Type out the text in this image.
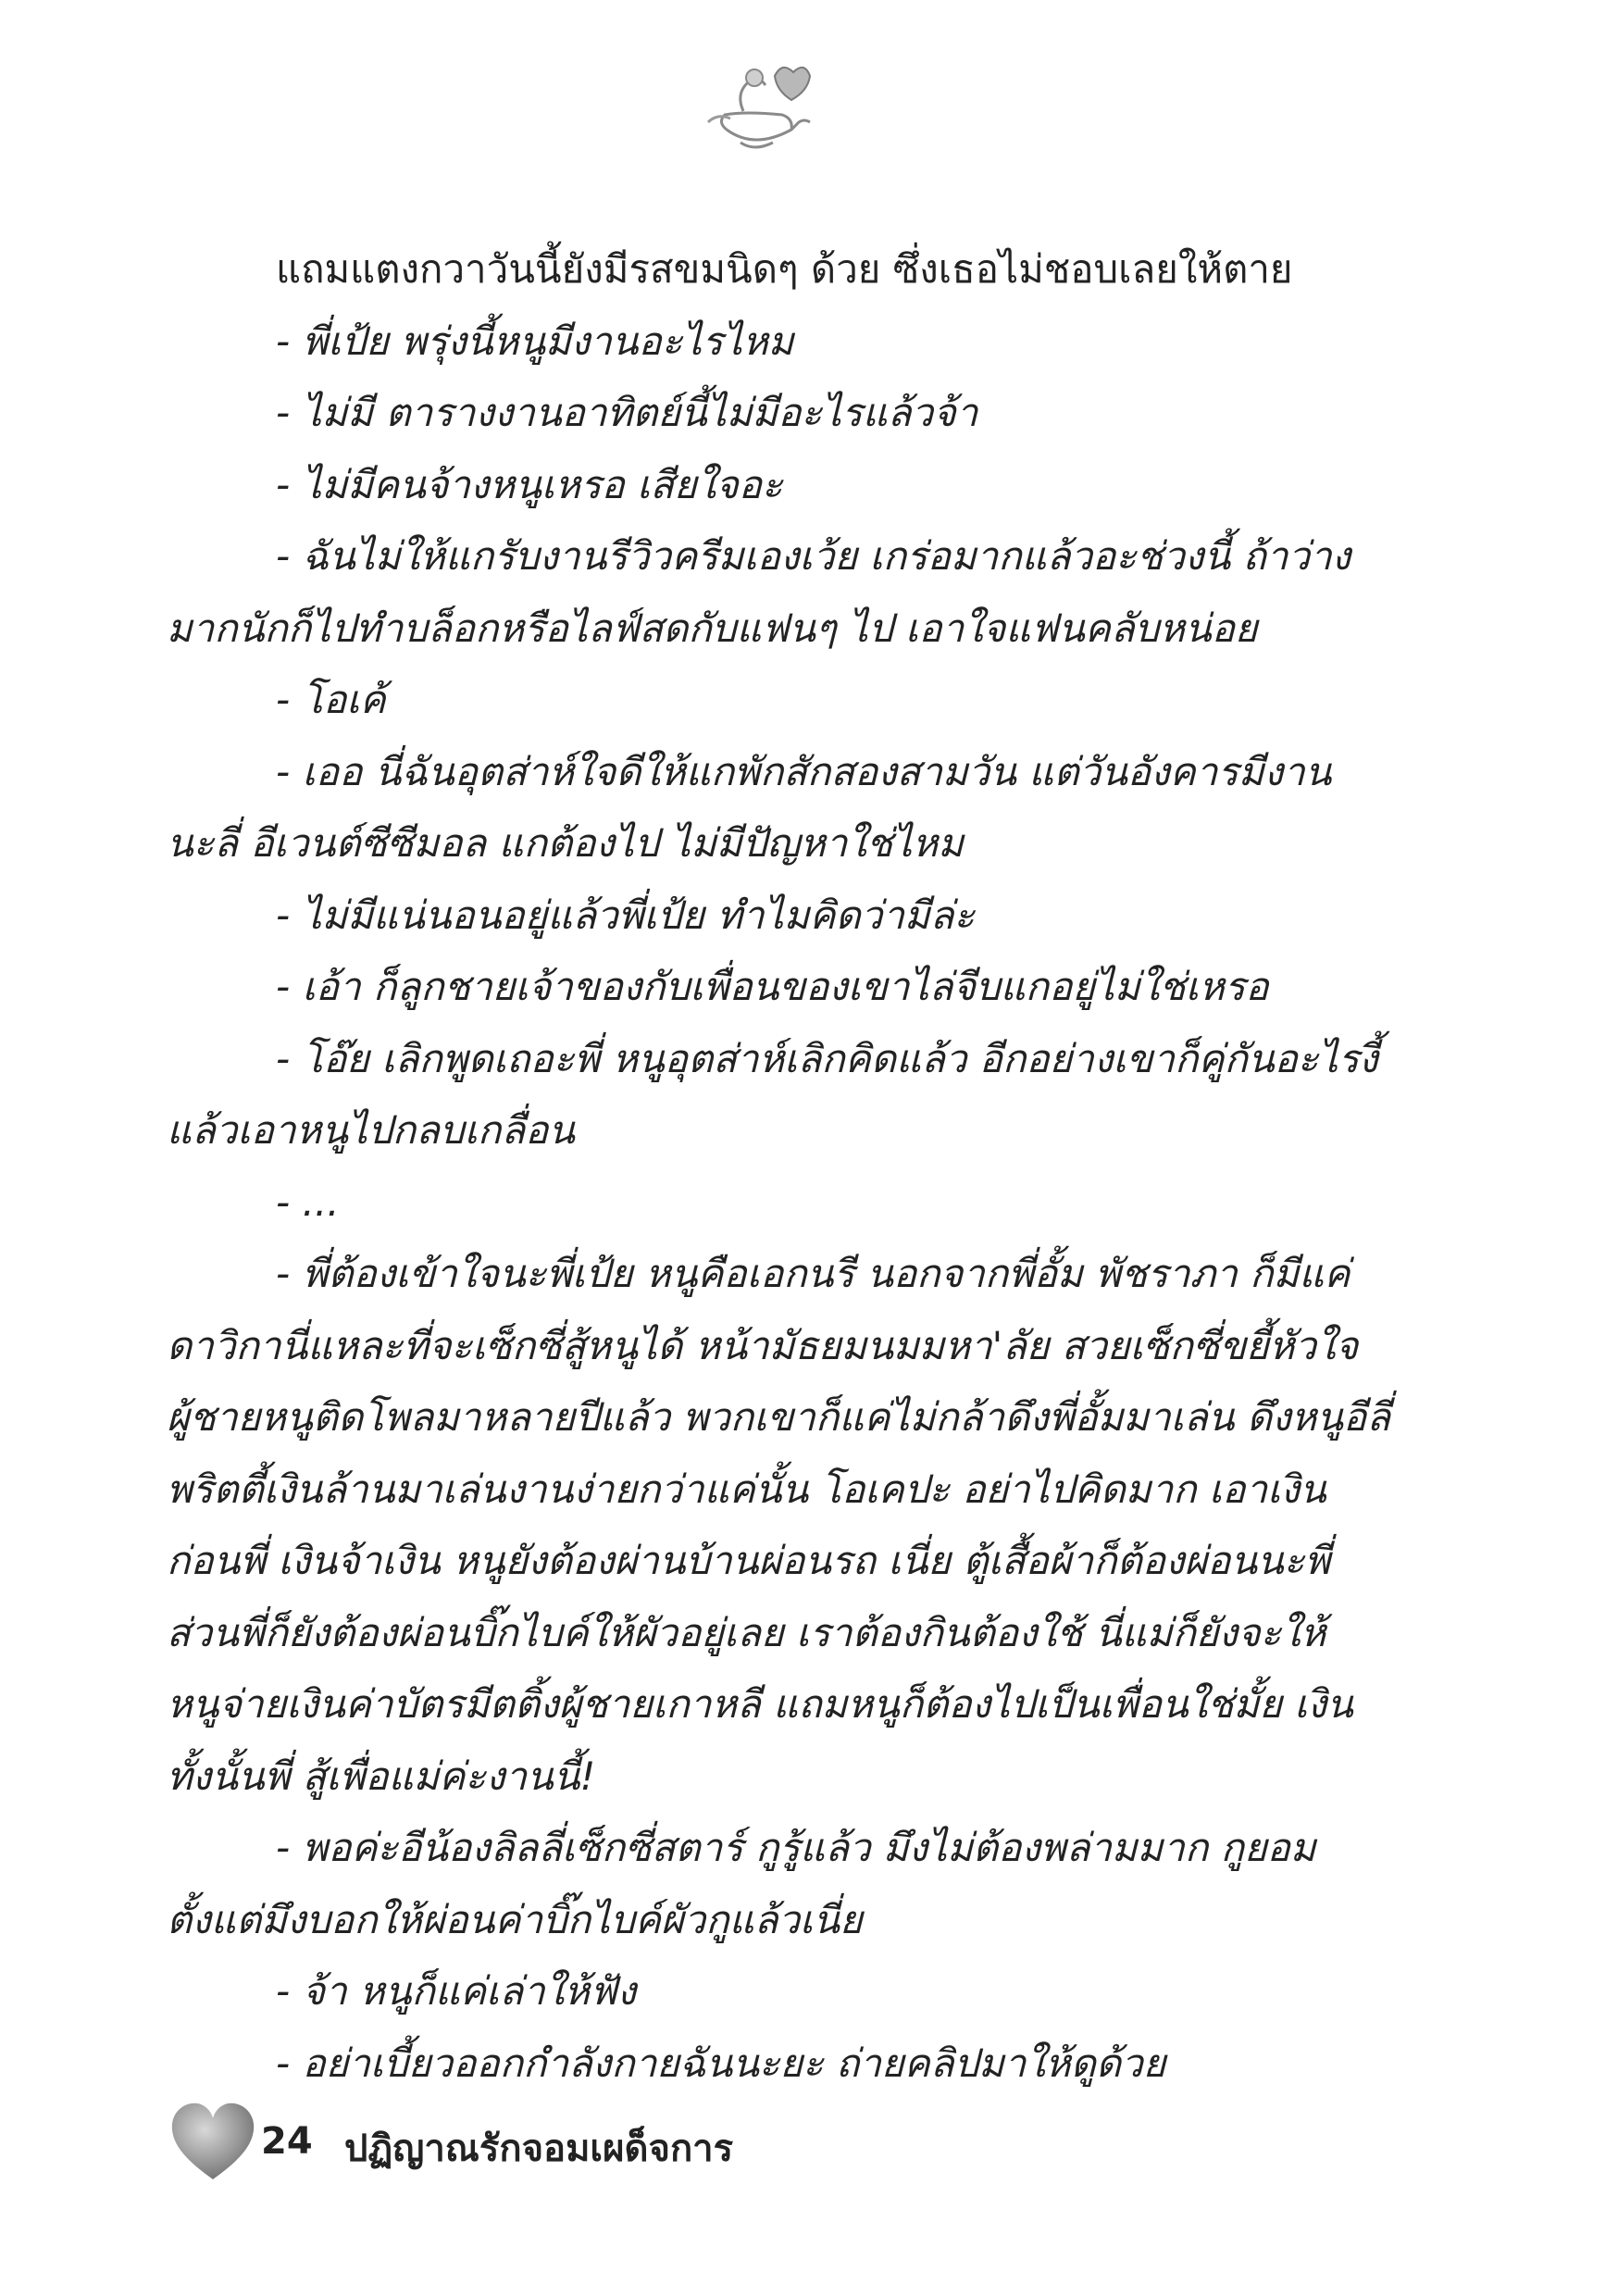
แถมแตงกวาวันนี้ยังมีรสขมนิดๆ ด้วย ซึ่งเธอไม่ชอบเลยให้ตาย

- พี่เป้ย พรุ่งนี้หนูมีงานอะไรไหม

- ไม่มี ตารางงานอาทิตย์นี้ไม่มีอะไรแล้วจ้า

- ไม่มีคนจ้างหนูเหรอ เสียใจอะ

- ฉันไม่ให้แกรับงานรีวิวครีมเองเว้ย เกร่อมากแล้วอะช่วงนี้ ถ้าว่าง

มากนักก็ไปทำบล็อกหรือไลฟ์สดกับแฟนๆ ไป เอาใจแฟนคลับหน่อย

- โอเค้

- เออ นี่ฉันอุตส่าห์ใจดีให้แกพักสักสองสามวัน แต่วันอังคารมีงาน

นะลี่ อีเวนต์ซีซีมอล แกต้องไป ไม่มีปัญหาใช่ไหม

- ไม่มีแน่นอนอยู่แล้วพี่เป้ย ทำไมคิดว่ามีล่ะ

- เอ้า ก็ลูกชายเจ้าของกับเพื่อนของเขาไล่จีบแกอยู่ไม่ใช่เหรอ

- โอ๊ย เลิกพูดเถอะพี่ หนูอุตส่าห์เลิกคิดแล้ว อีกอย่างเขาก็คู่กันอะไรงี้

แล้วเอาหนูไปกลบเกลื่อน

- ...

- พี่ต้องเข้าใจนะพี่เป้ย หนูคือเอกนรี นอกจากพี่อั้ม พัชราภา ก็มีแค่

ดาวิกานี่แหละที่จะเซ็กซี่สู้หนูได้ หน้ามัธยมนมมหา'ลัย สวยเซ็กซี่ขยี้หัวใจ

ผู้ชายหนูติดโพลมาหลายปีแล้ว พวกเขาก็แค่ไม่กล้าดึงพี่อั้มมาเล่น ดึงหนูอีลี่

พริตตี้เงินล้านมาเล่นงานง่ายกว่าแค่นั้น โอเคปะ อย่าไปคิดมาก เอาเงิน

ก่อนพี่ เงินจ้าเงิน หนูยังต้องผ่านบ้านผ่อนรถ เนี่ย ตู้เสื้อผ้าก็ต้องผ่อนนะพี่

ส่วนพี่ก็ยังต้องผ่อนบิ๊กไบค์ให้ผัวอยู่เลย เราต้องกินต้องใช้ นี่แม่ก็ยังจะให้

หนูจ่ายเงินค่าบัตรมีตติ้งผู้ชายเกาหลี แถมหนูก็ต้องไปเป็นเพื่อนใช่มั้ย เงิน

ทั้งนั้นพี่ สู้เพื่อแม่ค่ะงานนี้!

- พอค่ะอีน้องลิลลี่เซ็กซี่สตาร์ กูรู้แล้ว มึงไม่ต้องพล่ามมาก กูยอม

ตั้งแต่มึงบอกให้ผ่อนค่าบิ๊กไบค์ผัวกูแล้วเนี่ย

- จ้า หนูก็แค่เล่าให้ฟัง

- อย่าเบี้ยวออกกำลังกายฉันนะยะ ถ่ายคลิปมาให้ดูด้วย

24 ปฏิญาณรักจอมเผด็จการ
